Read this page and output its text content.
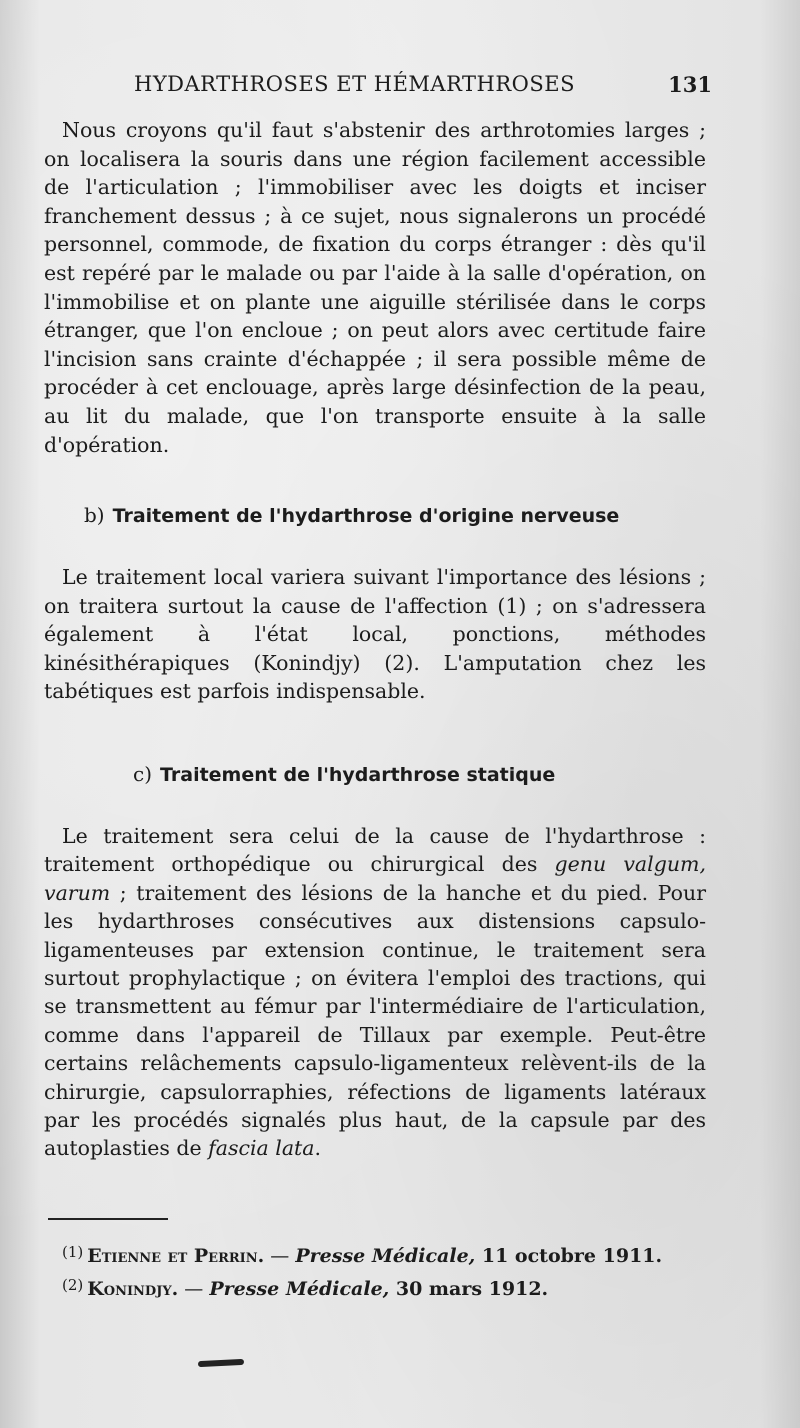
HYDARTHROSES ET HÉMARTHROSES	131

Nous croyons qu'il faut s'abstenir des arthrotomies larges ; on localisera la souris dans une région facilement accessible de l'articulation ; l'immobiliser avec les doigts et inciser franchement dessus ; à ce sujet, nous signalerons un procédé personnel, commode, de fixation du corps étranger : dès qu'il est repéré par le malade ou par l'aide à la salle d'opération, on l'immobilise et on plante une aiguille stérilisée dans le corps étranger, que l'on encloue ; on peut alors avec certitude faire l'incision sans crainte d'échappée ; il sera possible même de procéder à cet enclouage, après large désinfection de la peau, au lit du malade, que l'on transporte ensuite à la salle d'opération.

b) Traitement de l'hydarthrose d'origine nerveuse

Le traitement local variera suivant l'importance des lésions ; on traitera surtout la cause de l'affection (1) ; on s'adressera également à l'état local, ponctions, méthodes kinésithérapiques (Konindjy) (2). L'amputation chez les tabétiques est parfois indispensable.

c) Traitement de l'hydarthrose statique

Le traitement sera celui de la cause de l'hydarthrose : traitement orthopédique ou chirurgical des genu valgum, varum ; traitement des lésions de la hanche et du pied. Pour les hydarthroses consécutives aux distensions capsulo-ligamenteuses par extension continue, le traitement sera surtout prophylactique ; on évitera l'emploi des tractions, qui se transmettent au fémur par l'intermédiaire de l'articulation, comme dans l'appareil de Tillaux par exemple. Peut-être certains relâchements capsulo-ligamenteux relèvent-ils de la chirurgie, capsulorraphies, réfections de ligaments latéraux par les procédés signalés plus haut, de la capsule par des autoplasties de fascia lata.

$^{(1)}$ Etienne et Perrin. — Presse Médicale, 11 octobre 1911.
$^{(2)}$ Konindjy. — Presse Médicale, 30 mars 1912.
